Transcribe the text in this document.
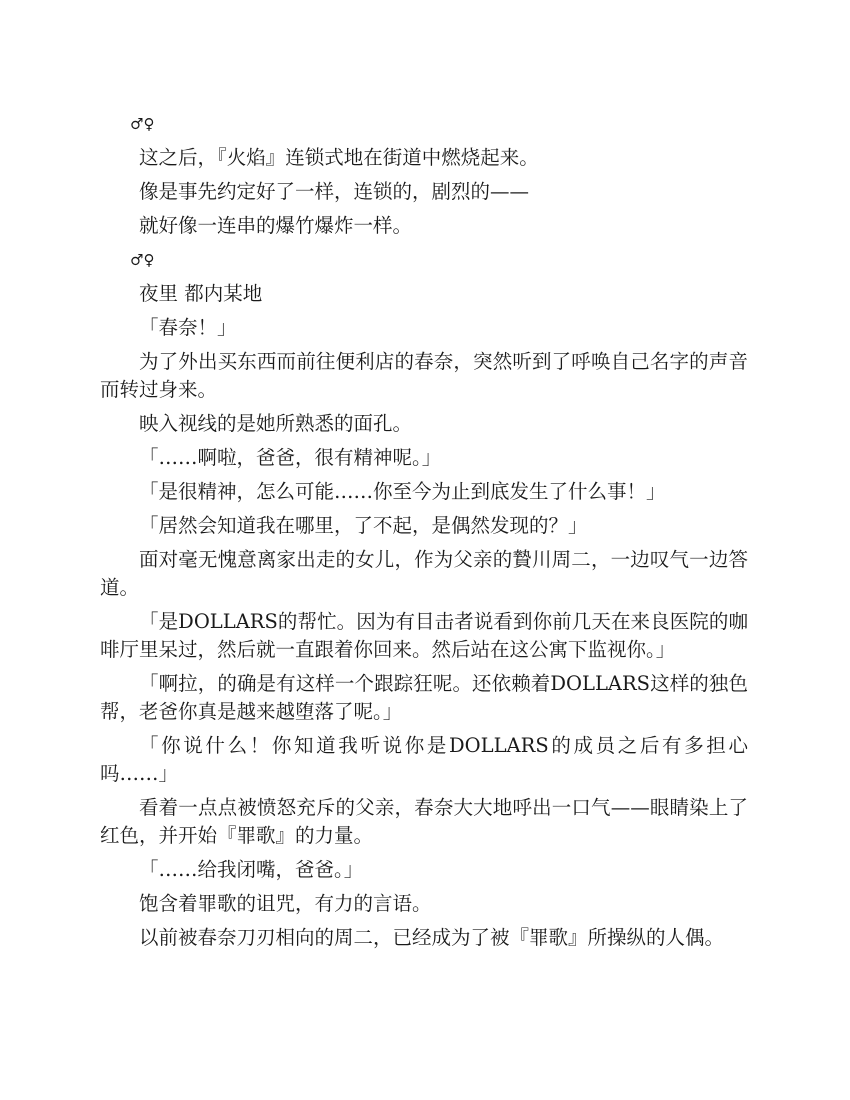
♂♀

这之后，『火焰』连锁式地在街道中燃烧起来。

像是事先约定好了一样，连锁的，剧烈的——

就好像一连串的爆竹爆炸一样。

♂♀

夜里 都内某地

「春奈！」

为了外出买东西而前往便利店的春奈，突然听到了呼唤自己名字的声音而转过身来。

映入视线的是她所熟悉的面孔。

「……啊啦，爸爸，很有精神呢。」

「是很精神，怎么可能……你至今为止到底发生了什么事！」

「居然会知道我在哪里，了不起，是偶然发现的？」

面对毫无愧意离家出走的女儿，作为父亲的贄川周二，一边叹气一边答道。

「是DOLLARS的帮忙。因为有目击者说看到你前几天在来良医院的咖啡厅里呆过，然后就一直跟着你回来。然后站在这公寓下监视你。」

「啊拉，的确是有这样一个跟踪狂呢。还依赖着DOLLARS这样的独色帮，老爸你真是越来越堕落了呢。」

「你说什么！你知道我听说你是DOLLARS的成员之后有多担心吗……」

看着一点点被愤怒充斥的父亲，春奈大大地呼出一口气——眼睛染上了红色，并开始『罪歌』的力量。

「……给我闭嘴，爸爸。」

饱含着罪歌的诅咒，有力的言语。

以前被春奈刀刃相向的周二，已经成为了被『罪歌』所操纵的人偶。
